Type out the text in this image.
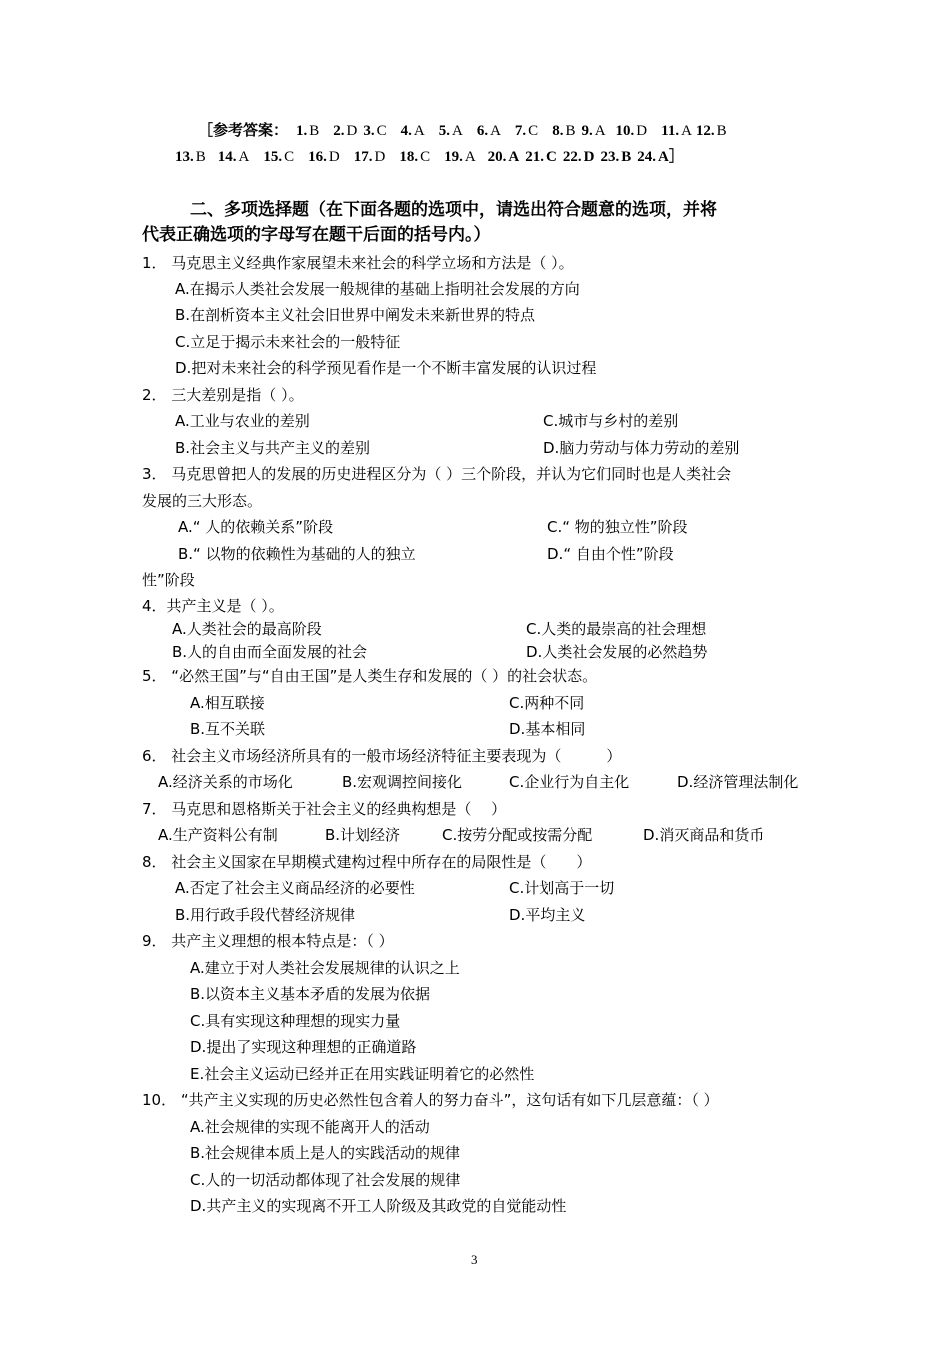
［参考答案： 1. B 2. D 3. C 4. A 5. A 6. A 7. C 8. B 9. A 10. D 11. A 12. B
13. B 14. A 15. C 16. D 17. D 18. C 19. A 20. A 21. C 22. D 23. B 24. A］
二、多项选择题（在下面各题的选项中，请选出符合题意的选项，并将
代表正确选项的字母写在题干后面的括号内。）
1． 马克思主义经典作家展望未来社会的科学立场和方法是（ ）。
A.在揭示人类社会发展一般规律的基础上指明社会发展的方向
B.在剖析资本主义社会旧世界中阐发未来新世界的特点
C.立足于揭示未来社会的一般特征
D.把对未来社会的科学预见看作是一个不断丰富发展的认识过程
2． 三大差别是指（ ）。
A.工业与农业的差别	C.城市与乡村的差别
B.社会主义与共产主义的差别	D.脑力劳动与体力劳动的差别
3． 马克思曾把人的发展的历史进程区分为（ ）三个阶段，并认为它们同时也是人类社会
发展的三大形态。
A.“ 人的依赖关系”阶段	C.“ 物的独立性”阶段
B.“ 以物的依赖性为基础的人的独立	D.“ 自由个性”阶段
性”阶段
4．共产主义是（ ）。
A.人类社会的最高阶段	C.人类的最崇高的社会理想
B.人的自由而全面发展的社会	D.人类社会发展的必然趋势
5． “必然王国”与“自由王国”是人类生存和发展的（ ）的社会状态。
A.相互联接	C.两种不同
B.互不关联	D.基本相同
6． 社会主义市场经济所具有的一般市场经济特征主要表现为（　　　）
A.经济关系的市场化	B.宏观调控间接化	C.企业行为自主化	D.经济管理法制化
7． 马克思和恩格斯关于社会主义的经典构想是（　 ）
A.生产资料公有制	B.计划经济	C.按劳分配或按需分配	D.消灭商品和货币
8． 社会主义国家在早期模式建构过程中所存在的局限性是（　　）
A.否定了社会主义商品经济的必要性	C.计划高于一切
B.用行政手段代替经济规律	D.平均主义
9． 共产主义理想的根本特点是：（ ）
A.建立于对人类社会发展规律的认识之上
B.以资本主义基本矛盾的发展为依据
C.具有实现这种理想的现实力量
D.提出了实现这种理想的正确道路
E.社会主义运动已经并正在用实践证明着它的必然性
10． “共产主义实现的历史必然性包含着人的努力奋斗”，这句话有如下几层意蕴：（ ）
A.社会规律的实现不能离开人的活动
B.社会规律本质上是人的实践活动的规律
C.人的一切活动都体现了社会发展的规律
D.共产主义的实现离不开工人阶级及其政党的自觉能动性
3
